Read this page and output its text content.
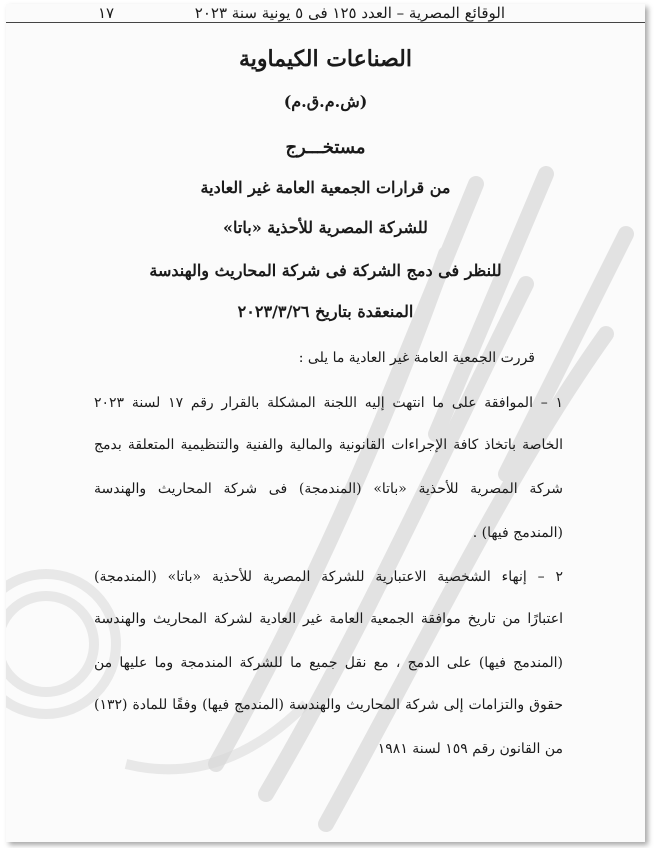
الوقائع المصرية – العدد ١٢٥ فى ٥ يونية سنة ٢٠٢٣
١٧
الصناعات الكيماوية
(ش.م.ق.م)
مستخـــرج
من قرارات الجمعية العامة غير العادية
للشركة المصرية للأحذية «باتا»
للنظر فى دمج الشركة فى شركة المحاريث والهندسة
المنعقدة بتاريخ ٢٠٢٣/٣/٢٦
قررت الجمعية العامة غير العادية ما يلى :
١ – الموافقة على ما انتهت إليه اللجنة المشكلة بالقرار رقم ١٧ لسنة ٢٠٢٣
الخاصة باتخاذ كافة الإجراءات القانونية والمالية والفنية والتنظيمية المتعلقة بدمج
شركة المصرية للأحذية «باتا» (المندمجة) فى شركة المحاريث والهندسة
(المندمج فيها) .
٢ – إنهاء الشخصية الاعتبارية للشركة المصرية للأحذية «باتا» (المندمجة)
اعتبارًا من تاريخ موافقة الجمعية العامة غير العادية لشركة المحاريث والهندسة
(المندمج فيها) على الدمج ، مع نقل جميع ما للشركة المندمجة وما عليها من
حقوق والتزامات إلى شركة المحاريث والهندسة (المندمج فيها) وفقًا للمادة (١٣٢)
من القانون رقم ١٥٩ لسنة ١٩٨١
